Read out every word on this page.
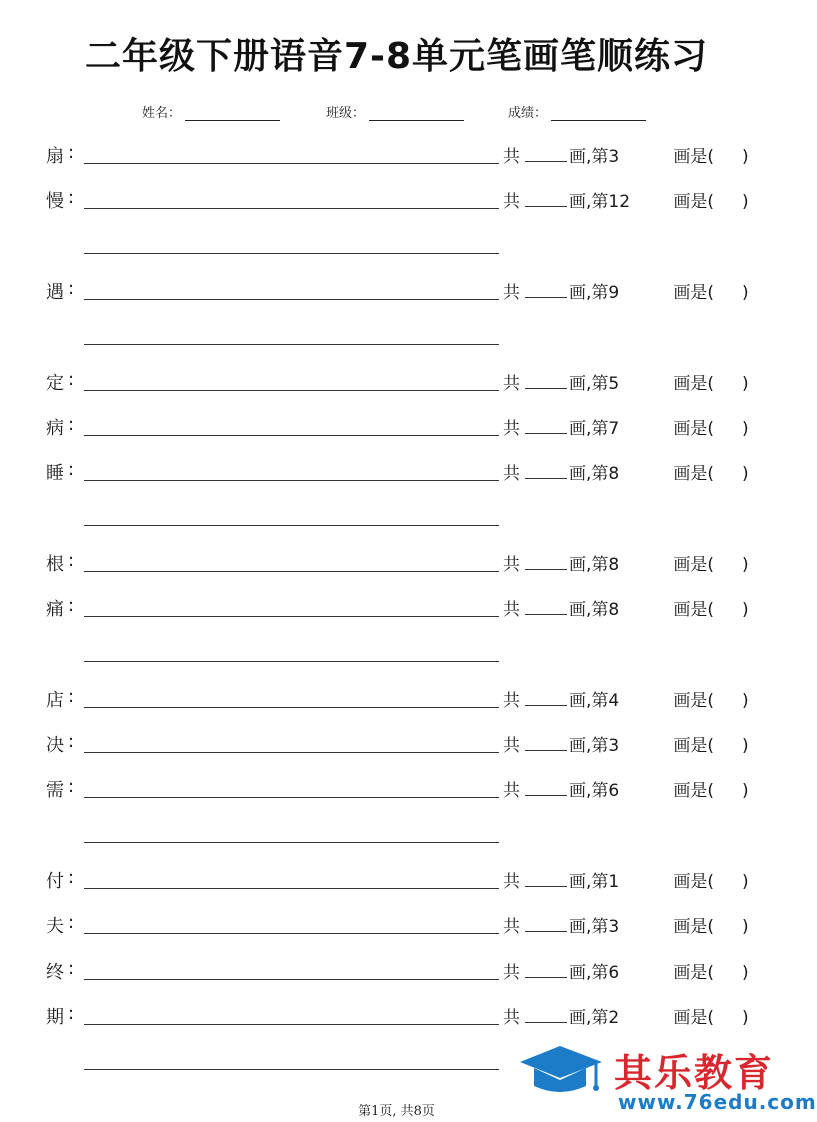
二年级下册语音7-8单元笔画笔顺练习
姓名：	班级：	成绩：
扇 :	共	画,第3	画是( )
慢 :	共	画,第12	画是( )
遇 :	共	画,第9	画是( )
定 :	共	画,第5	画是( )
病 :	共	画,第7	画是( )
睡 :	共	画,第8	画是( )
根 :	共	画,第8	画是( )
痛 :	共	画,第8	画是( )
店 :	共	画,第4	画是( )
决 :	共	画,第3	画是( )
需 :	共	画,第6	画是( )
付 :	共	画,第1	画是( )
夫 :	共	画,第3	画是( )
终 :	共	画,第6	画是( )
期 :	共	画,第2	画是( )
第1页, 共8页
其乐教育
www.76edu.com
